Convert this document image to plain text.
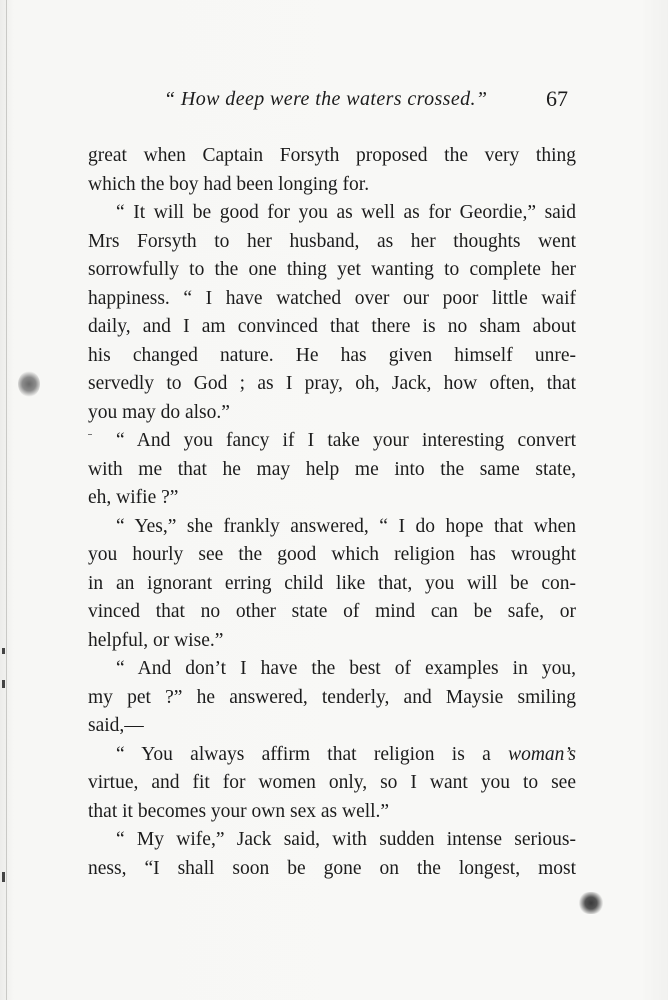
“ How deep were the waters crossed.”	67

great when Captain Forsyth proposed the very thing

which the boy had been longing for.

“ It will be good for you as well as for Geordie,” said

Mrs Forsyth to her husband, as her thoughts went

sorrowfully to the one thing yet wanting to complete her

happiness. “ I have watched over our poor little waif

daily, and I am convinced that there is no sham about

his changed nature. He has given himself unre-

servedly to God ; as I pray, oh, Jack, how often, that

you may do also.”

“ And you fancy if I take your interesting convert

with me that he may help me into the same state,

eh, wifie ?”

“ Yes,” she frankly answered, “ I do hope that when

you hourly see the good which religion has wrought

in an ignorant erring child like that, you will be con-

vinced that no other state of mind can be safe, or

helpful, or wise.”

“ And don’t I have the best of examples in you,

my pet ?” he answered, tenderly, and Maysie smiling

said,—

“ You always affirm that religion is a woman’s

virtue, and fit for women only, so I want you to see

that it becomes your own sex as well.”

“ My wife,” Jack said, with sudden intense serious-

ness, “I shall soon be gone on the longest, most
